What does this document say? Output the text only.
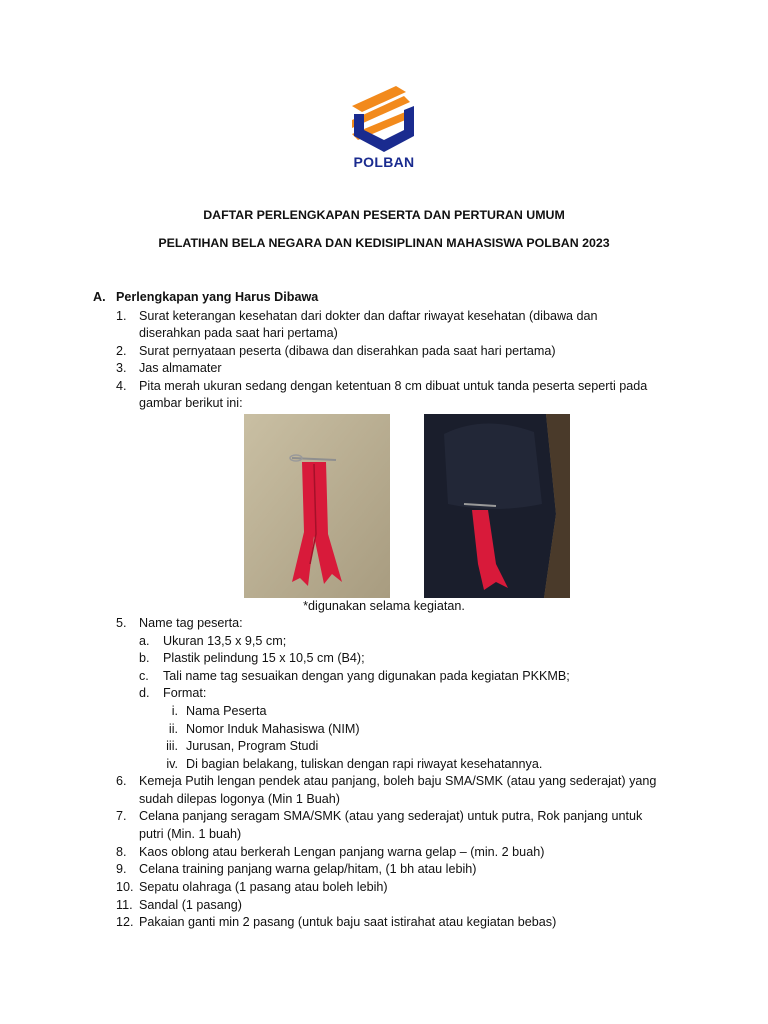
POLBAN
DAFTAR PERLENGKAPAN PESERTA DAN PERTURAN UMUM
PELATIHAN BELA NEGARA DAN KEDISIPLINAN MAHASISWA POLBAN 2023
A. Perlengkapan yang Harus Dibawa
1. Surat keterangan kesehatan dari dokter dan daftar riwayat kesehatan (dibawa dan
diserahkan pada saat hari pertama)
2. Surat pernyataan peserta (dibawa dan diserahkan pada saat hari pertama)
3. Jas almamater
4. Pita merah ukuran sedang dengan ketentuan 8 cm dibuat untuk tanda peserta seperti pada
gambar berikut ini:
*digunakan selama kegiatan.
5. Name tag peserta:
a. Ukuran 13,5 x 9,5 cm;
b. Plastik pelindung 15 x 10,5 cm (B4);
c. Tali name tag sesuaikan dengan yang digunakan pada kegiatan PKKMB;
d. Format:
i. Nama Peserta
ii. Nomor Induk Mahasiswa (NIM)
iii. Jurusan, Program Studi
iv. Di bagian belakang, tuliskan dengan rapi riwayat kesehatannya.
6. Kemeja Putih lengan pendek atau panjang, boleh baju SMA/SMK (atau yang sederajat) yang
sudah dilepas logonya (Min 1 Buah)
7. Celana panjang seragam SMA/SMK (atau yang sederajat) untuk putra, Rok panjang untuk
putri (Min. 1 buah)
8. Kaos oblong atau berkerah Lengan panjang warna gelap – (min. 2 buah)
9. Celana training panjang warna gelap/hitam, (1 bh atau lebih)
10. Sepatu olahraga (1 pasang atau boleh lebih)
11. Sandal (1 pasang)
12. Pakaian ganti min 2 pasang (untuk baju saat istirahat atau kegiatan bebas)
